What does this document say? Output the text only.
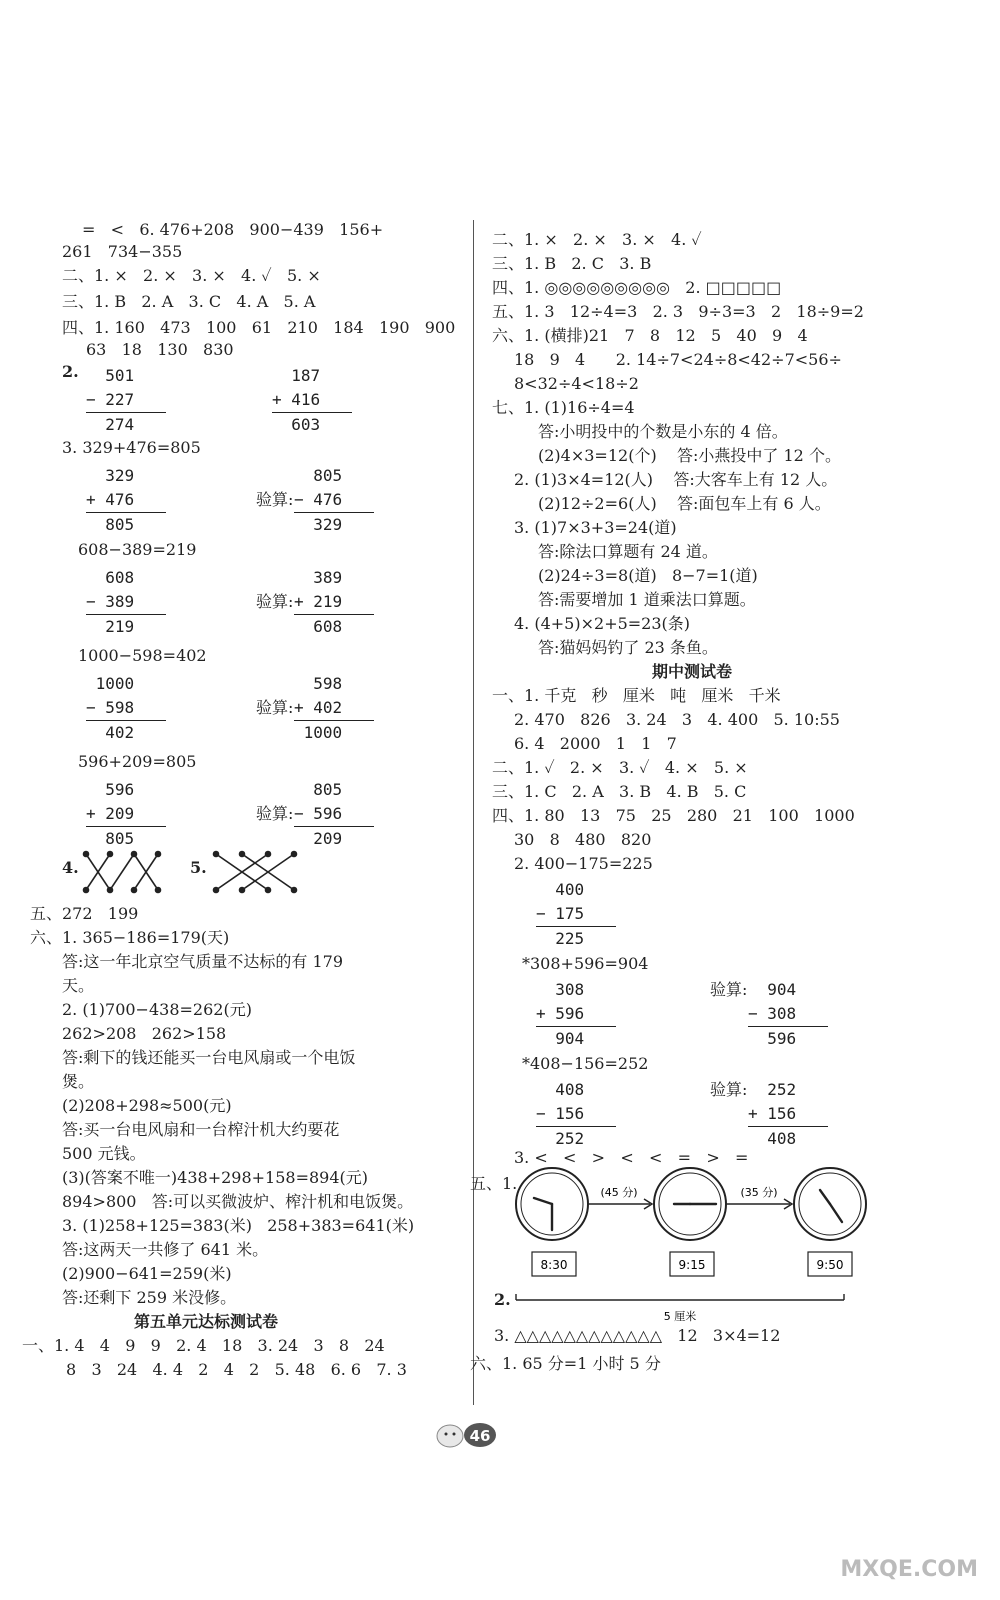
=   <   6. 476+208   900−439   156+
261   734−355
二、1. ×   2. ×   3. ×   4. ✓   5. ×
三、1. B   2. A   3. C   4. A   5. A
四、1. 160   473   100   61   210   184   190   900
63   18   130   830
2. 501
− 227
274
187
+ 416
603
3. 329+476=805
329
+ 476
805
验算:
805
− 476
329
608−389=219
608
− 389
219
验算:
389
+ 219
608
1000−598=402
1000
− 598
402
验算:
598
+ 402
1000
596+209=805
596
+ 209
805
验算:
805
− 596
209
4.	5.
五、272   199
六、1. 365−186=179(天)
答:这一年北京空气质量不达标的有 179
天。
2. (1)700−438=262(元)
262>208   262>158
答:剩下的钱还能买一台电风扇或一个电饭
煲。
(2)208+298≈500(元)
答:买一台电风扇和一台榨汁机大约要花
500 元钱。
(3)(答案不唯一)438+298+158=894(元)
894>800   答:可以买微波炉、榨汁机和电饭煲。
3. (1)258+125=383(米)   258+383=641(米)
答:这两天一共修了 641 米。
(2)900−641=259(米)
答:还剩下 259 米没修。
第五单元达标测试卷
一、1. 4   4   9   9   2. 4   18   3. 24   3   8   24
8   3   24   4. 4   2   4   2   5. 48   6. 6   7. 3
二、1. ×   2. ×   3. ×   4. ✓
三、1. B   2. C   3. B
四、1. ◎◎◎◎◎◎◎◎◎   2. □□□□□
五、1. 3   12÷4=3   2. 3   9÷3=3   2   18÷9=2
六、1. (横排)21   7   8   12   5   40   9   4
18   9   4      2. 14÷7<24÷8<42÷7<56÷
8<32÷4<18÷2
七、1. (1)16÷4=4
答:小明投中的个数是小东的 4 倍。
(2)4×3=12(个)    答:小燕投中了 12 个。
2. (1)3×4=12(人)    答:大客车上有 12 人。
(2)12÷2=6(人)    答:面包车上有 6 人。
3. (1)7×3+3=24(道)
答:除法口算题有 24 道。
(2)24÷3=8(道)   8−7=1(道)
答:需要增加 1 道乘法口算题。
4. (4+5)×2+5=23(条)
答:猫妈妈钓了 23 条鱼。
期中测试卷
一、1. 千克   秒   厘米   吨   厘米   千米
2. 470   826   3. 24   3   4. 400   5. 10:55
6. 4   2000   1   1   7
二、1. ✓   2. ×   3. ✓   4. ×   5. ×
三、1. C   2. A   3. B   4. B   5. C
四、1. 80   13   75   25   280   21   100   1000
30   8   480   820
2. 400−175=225
400
− 175
225
*308+596=904
308
+ 596
904
验算: 904
− 308
596
*408−156=252
408
− 156
252
验算: 252
+ 156
408
3. <   <   >   <   <   =   >   =
五、1.	(45 分)	(35 分)
8:30	9:15	9:50
2.
5 厘米
3. △△△△△△△△△△△△   12   3×4=12
六、1. 65 分=1 小时 5 分
46
MXQE.COM
